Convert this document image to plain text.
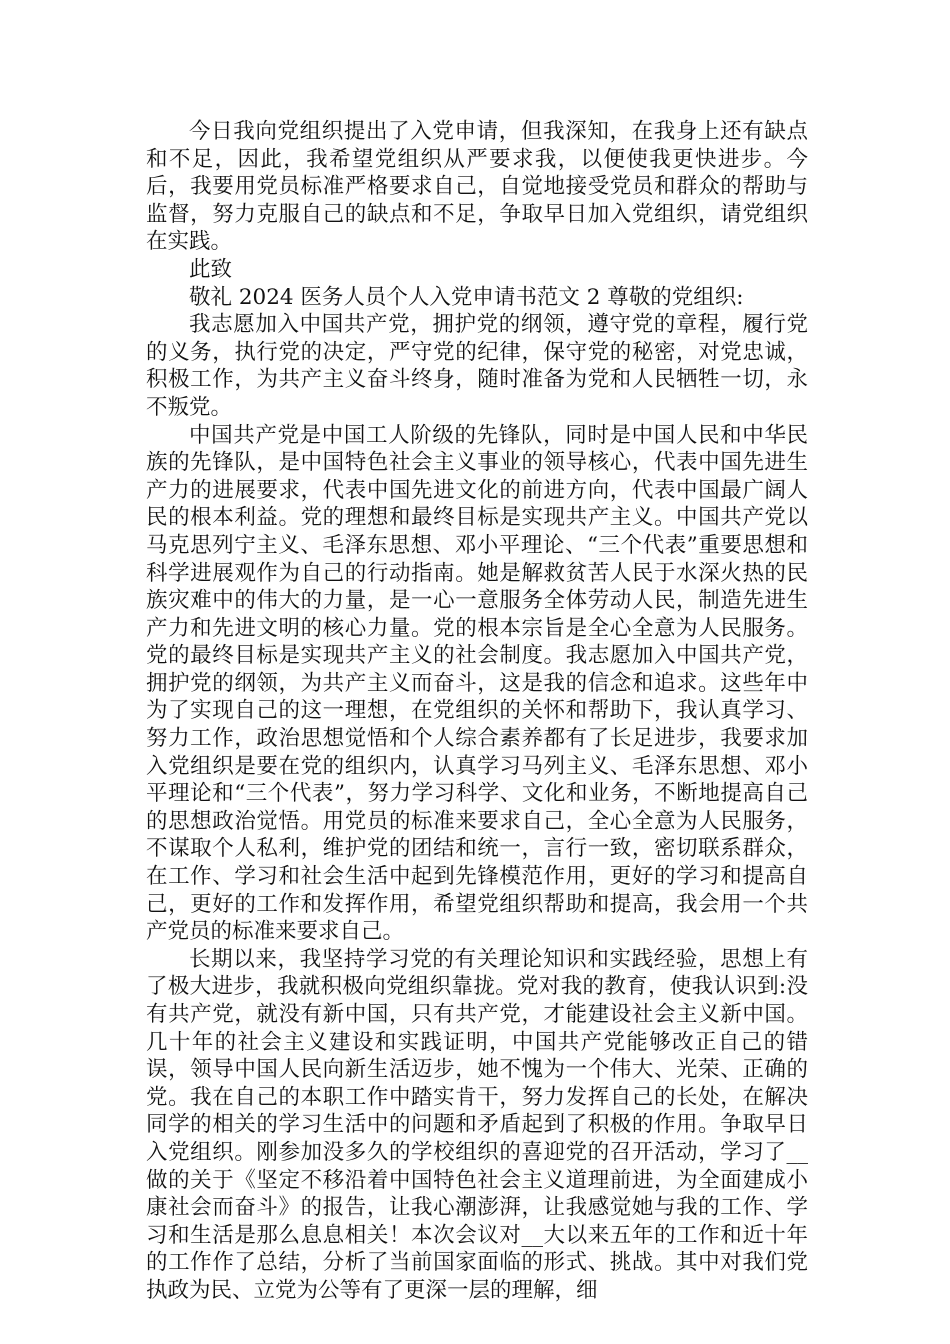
今日我向党组织提出了入党申请，但我深知，在我身上还有缺点和不足，因此，我希望党组织从严要求我，以便使我更快进步。今后，我要用党员标准严格要求自己，自觉地接受党员和群众的帮助与监督，努力克服自己的缺点和不足，争取早日加入党组织，请党组织在实践。

此致

敬礼 2024 医务人员个人入党申请书范文 2 尊敬的党组织:

我志愿加入中国共产党，拥护党的纲领，遵守党的章程，履行党的义务，执行党的决定，严守党的纪律，保守党的秘密，对党忠诚，积极工作，为共产主义奋斗终身，随时准备为党和人民牺牲一切，永不叛党。

中国共产党是中国工人阶级的先锋队，同时是中国人民和中华民族的先锋队，是中国特色社会主义事业的领导核心，代表中国先进生产力的进展要求，代表中国先进文化的前进方向，代表中国最广阔人民的根本利益。党的理想和最终目标是实现共产主义。中国共产党以马克思列宁主义、毛泽东思想、邓小平理论、“三个代表”重要思想和科学进展观作为自己的行动指南。她是解救贫苦人民于水深火热的民族灾难中的伟大的力量，是一心一意服务全体劳动人民，制造先进生产力和先进文明的核心力量。党的根本宗旨是全心全意为人民服务。党的最终目标是实现共产主义的社会制度。我志愿加入中国共产党，拥护党的纲领，为共产主义而奋斗，这是我的信念和追求。这些年中为了实现自己的这一理想，在党组织的关怀和帮助下，我认真学习、努力工作，政治思想觉悟和个人综合素养都有了长足进步，我要求加入党组织是要在党的组织内，认真学习马列主义、毛泽东思想、邓小平理论和“三个代表”，努力学习科学、文化和业务，不断地提高自己的思想政治觉悟。用党员的标准来要求自己，全心全意为人民服务，不谋取个人私利，维护党的团结和统一，言行一致，密切联系群众，在工作、学习和社会生活中起到先锋模范作用，更好的学习和提高自己，更好的工作和发挥作用，希望党组织帮助和提高，我会用一个共产党员的标准来要求自己。

长期以来，我坚持学习党的有关理论知识和实践经验，思想上有了极大进步，我就积极向党组织靠拢。党对我的教育，使我认识到:没有共产党，就没有新中国，只有共产党，才能建设社会主义新中国。几十年的社会主义建设和实践证明，中国共产党能够改正自己的错误，领导中国人民向新生活迈步，她不愧为一个伟大、光荣、正确的党。我在自己的本职工作中踏实肯干，努力发挥自己的长处，在解决同学的相关的学习生活中的问题和矛盾起到了积极的作用。争取早日入党组织。刚参加没多久的学校组织的喜迎党的召开活动，学习了__做的关于《坚定不移沿着中国特色社会主义道理前进，为全面建成小康社会而奋斗》的报告，让我心潮澎湃，让我感觉她与我的工作、学习和生活是那么息息相关！本次会议对__大以来五年的工作和近十年的工作作了总结，分析了当前国家面临的形式、挑战。其中对我们党执政为民、立党为公等有了更深一层的理解，细
